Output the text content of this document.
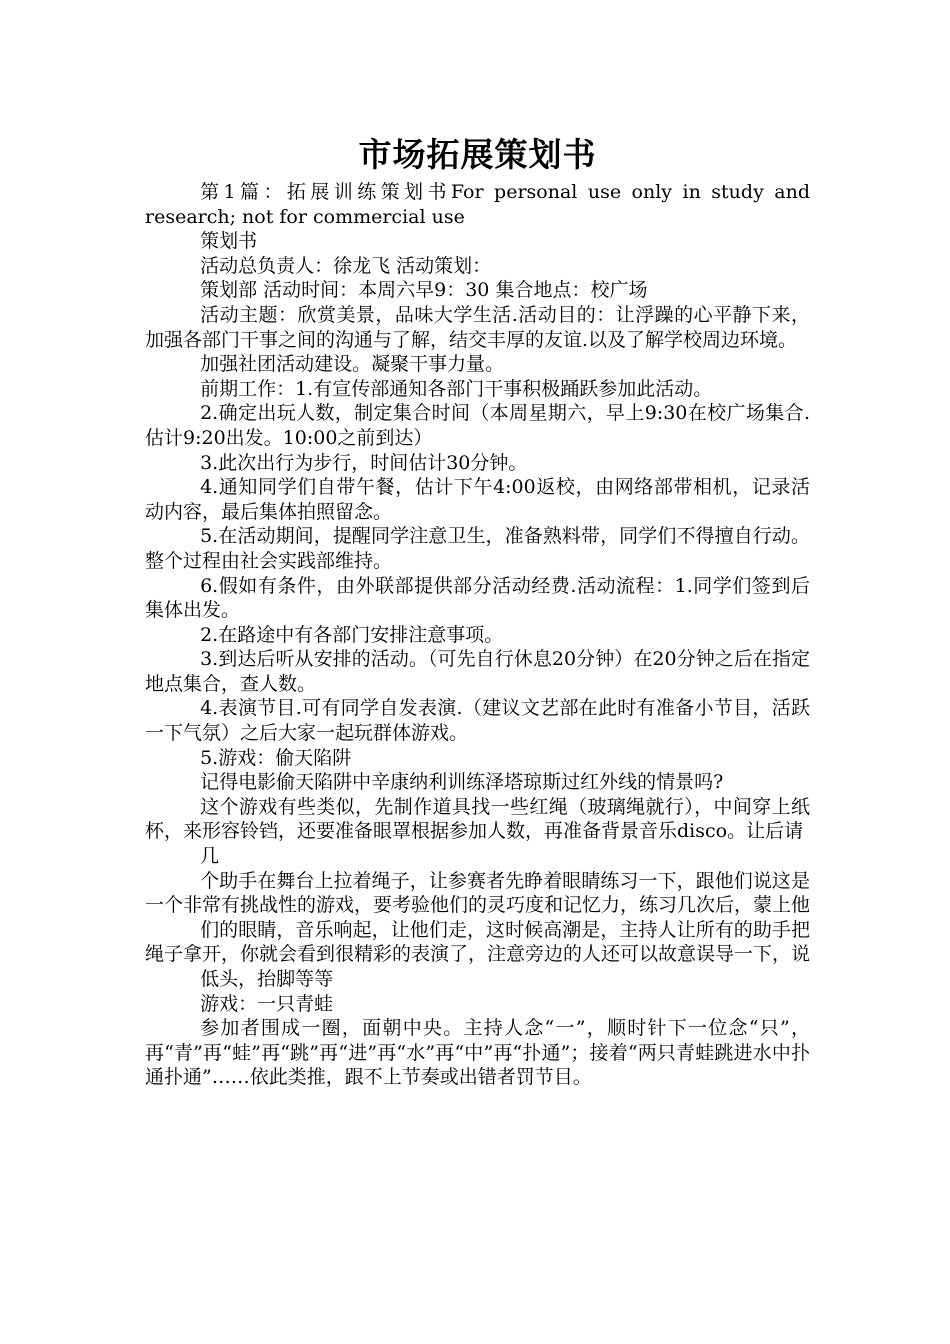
市场拓展策划书

第1篇：拓展训练策划书For personal use only in study and research; not for commercial use

策划书

活动总负责人：徐龙飞 活动策划：

策划部 活动时间：本周六早9：30 集合地点：校广场

活动主题：欣赏美景，品味大学生活.活动目的：让浮躁的心平静下来，加强各部门干事之间的沟通与了解，结交丰厚的友谊.以及了解学校周边环境。

加强社团活动建设。凝聚干事力量。

前期工作：1.有宣传部通知各部门干事积极踊跃参加此活动。

2.确定出玩人数，制定集合时间（本周星期六，早上9:30在校广场集合.估计9:20出发。10:00之前到达）

3.此次出行为步行，时间估计30分钟。

4.通知同学们自带午餐，估计下午4:00返校，由网络部带相机，记录活动内容，最后集体拍照留念。

5.在活动期间，提醒同学注意卫生，准备熟料带，同学们不得擅自行动。整个过程由社会实践部维持。

6.假如有条件，由外联部提供部分活动经费.活动流程：1.同学们签到后集体出发。

2.在路途中有各部门安排注意事项。

3.到达后听从安排的活动。（可先自行休息20分钟）在20分钟之后在指定地点集合，查人数。

4.表演节目.可有同学自发表演.（建议文艺部在此时有准备小节目，活跃一下气氛）之后大家一起玩群体游戏。

5.游戏：偷天陷阱

记得电影偷天陷阱中辛康纳利训练泽塔琼斯过红外线的情景吗?

这个游戏有些类似，先制作道具找一些红绳（玻璃绳就行），中间穿上纸杯，来形容铃铛，还要准备眼罩根据参加人数，再准备背景音乐disco。让后请

几

个助手在舞台上拉着绳子，让参赛者先睁着眼睛练习一下，跟他们说这是一个非常有挑战性的游戏，要考验他们的灵巧度和记忆力，练习几次后，蒙上他

们的眼睛，音乐响起，让他们走，这时候高潮是，主持人让所有的助手把绳子拿开，你就会看到很精彩的表演了，注意旁边的人还可以故意误导一下，说

低头，抬脚等等

游戏：一只青蛙

参加者围成一圈，面朝中央。主持人念“一”，顺时针下一位念“只”，再“青”再“蛙”再“跳”再“进”再“水”再“中”再“扑通”；接着“两只青蛙跳进水中扑通扑通”……依此类推，跟不上节奏或出错者罚节目。
